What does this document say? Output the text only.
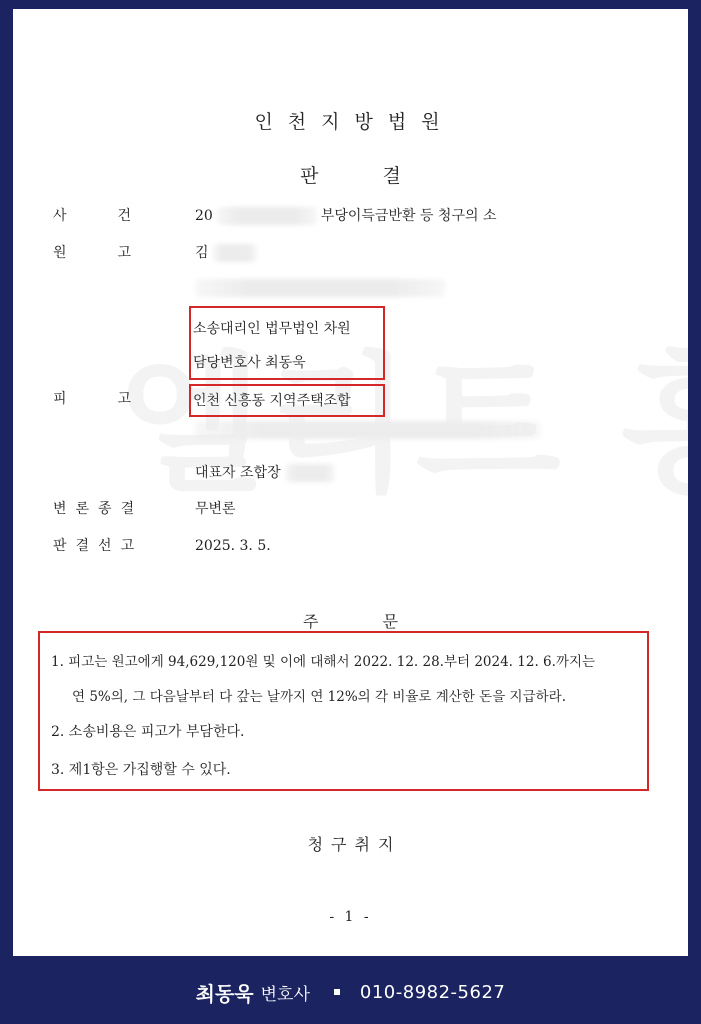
인천지방법원
판결
사	건	20	부당이득금반환 등 청구의 소
원	고	김
소송대리인 법무법인 차원
담당변호사 최동욱
피	고	인천 신흥동 지역주택조합
대표자 조합장
변론종결	무변론
판결선고	2025. 3. 5.
주문
1. 피고는 원고에게 94,629,120원 및 이에 대해서 2022. 12. 28.부터 2024. 12. 6.까지는
연 5%의, 그 다음날부터 다 갚는 날까지 연 12%의 각 비율로 계산한 돈을 지급하라.
2. 소송비용은 피고가 부담한다.
3. 제1항은 가집행할 수 있다.
청구취지
- 1 -
최동욱 변호사	010-8982-5627
